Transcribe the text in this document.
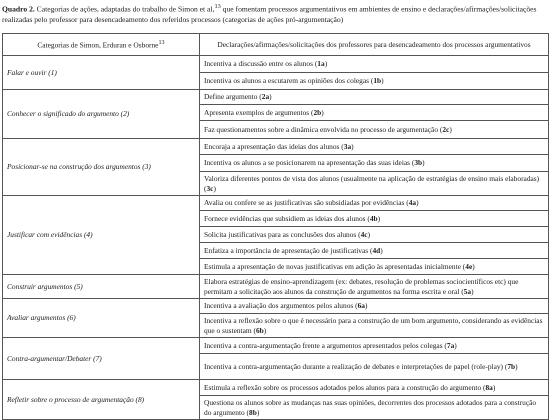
Quadro 2. Categorias de ações, adaptadas do trabalho de Simon et al,$^{13}$ que fomentam processos argumentativos em ambientes de ensino e declarações/afirmações/solicitações realizadas pelo professor para desencadeamento dos referidos processos (categorias de ações pró-argumentação)

Categorias de Simon, Erduran e Osborne$^{13}$	Declarações/afirmações/solicitações dos professores para desencadeamento dos processos argumentativos
Falar e ouvir (1)	Incentiva a discussão entre os alunos (1a)
	Incentiva os alunos a escutarem as opiniões dos colegas (1b)
Conhecer o significado do argumento (2)	Define argumento (2a)
	Apresenta exemplos de argumentos (2b)
	Faz questionamentos sobre a dinâmica envolvida no processo de argumentação (2c)
Posicionar-se na construção dos argumentos (3)	Encoraja a apresentação das ideias dos alunos (3a)
	Incentiva os alunos a se posicionarem na apresentação das suas ideias (3b)
	Valoriza diferentes pontos de vista dos alunos (usualmente na aplicação de estratégias de ensino mais elaboradas) (3c)
Justificar com evidências (4)	Avalia ou confere se as justificativas são subsidiadas por evidências (4a)
	Fornece evidências que subsidiem as ideias dos alunos (4b)
	Solicita justificativas para as conclusões dos alunos (4c)
	Enfatiza a importância de apresentação de justificativas (4d)
	Estimula a apresentação de novas justificativas em adição às apresentadas inicialmente (4e)
Construir argumentos (5)	Elabora estratégias de ensino-aprendizagem (ex: debates, resolução de problemas sociocientíficos etc) que permitam a solicitação aos alunos da construção de argumentos na forma escrita e oral (5a)
Avaliar argumentos (6)	Incentiva a avaliação dos argumentos pelos alunos (6a)
	Incentiva a reflexão sobre o que é necessário para a construção de um bom argumento, considerando as evidências que o sustentam (6b)
Contra-argumentar/Debater (7)	Incentiva a contra-argumentação frente a argumentos apresentados pelos colegas (7a)
	Incentiva a contra-argumentação durante a realização de debates e interpretações de papel (role-play) (7b)
Refletir sobre o processo de argumentação (8)	Estimula a reflexão sobre os processos adotados pelos alunos para a construção do argumento (8a)
	Questiona os alunos sobre as mudanças nas suas opiniões, decorrentes dos processos adotados para a construção do argumento (8b)
